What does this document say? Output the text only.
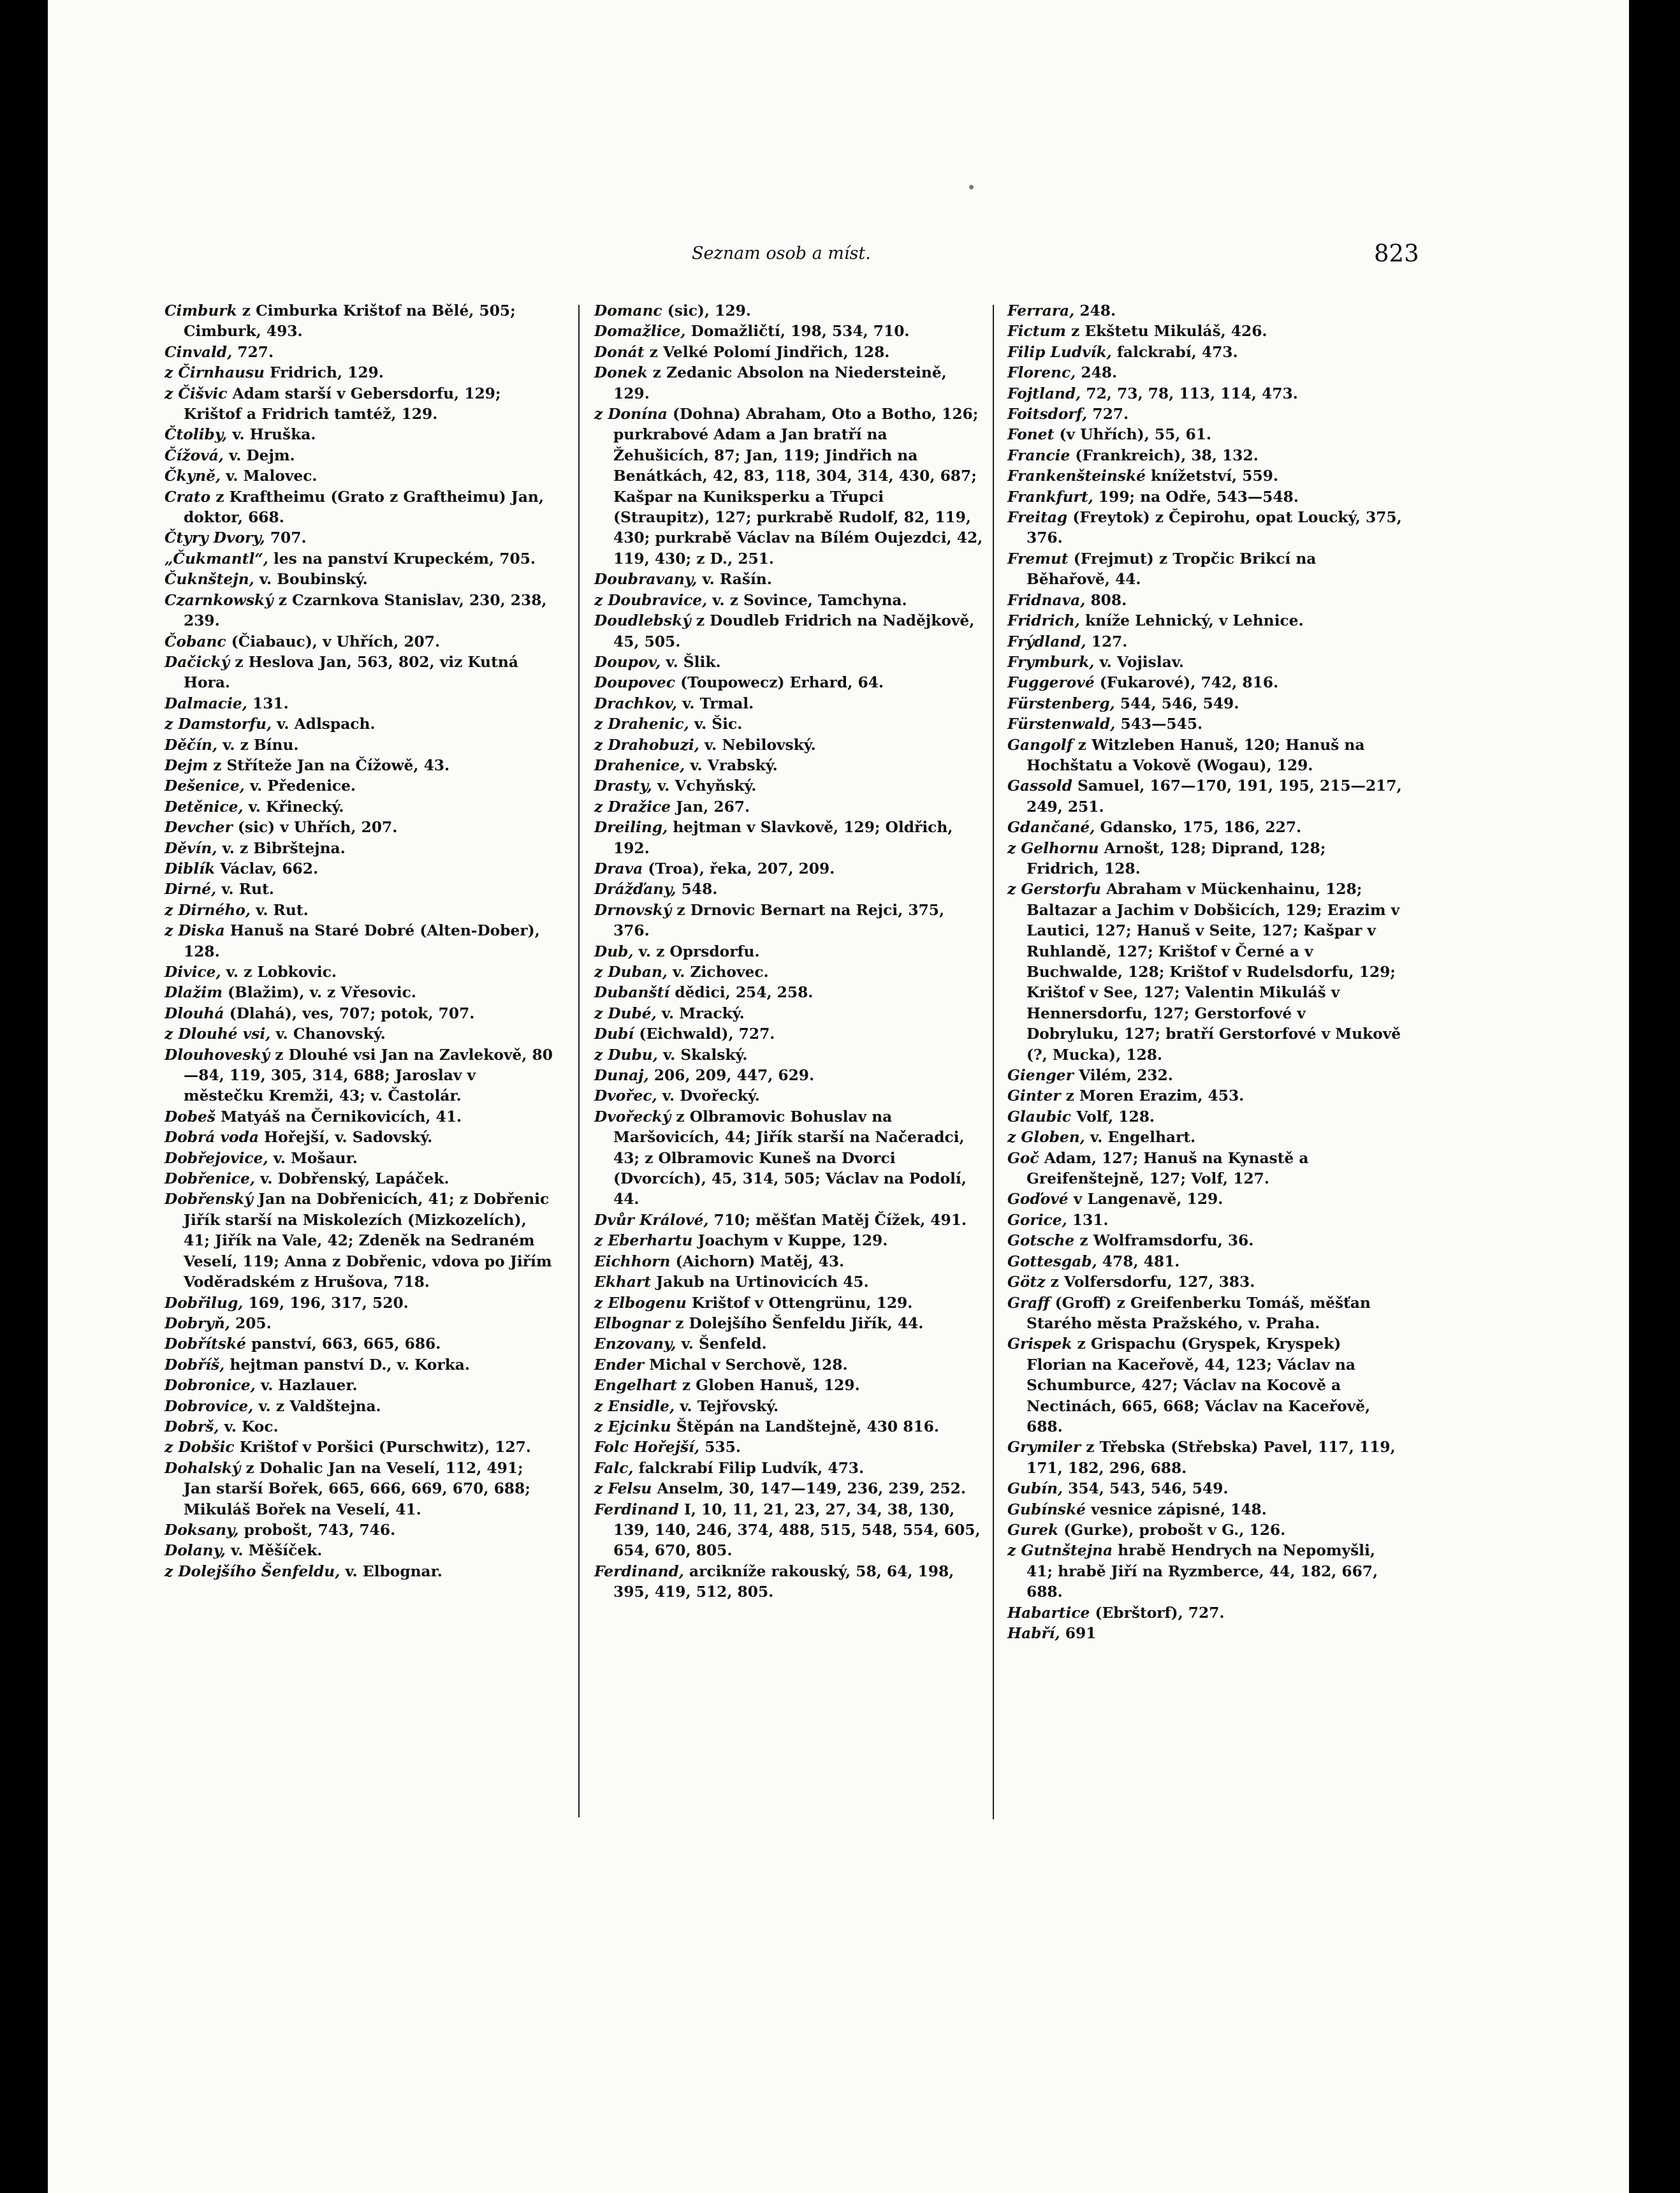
Seznam osob a míst.	823

Cimburk z Cimburka Krištof na Bělé, 505; Cimburk, 493.

Cinvald, 727.

z Čirnhausu Fridrich, 129.

z Čišvic Adam starší v Gebersdorfu, 129; Krištof a Fridrich tamtéž, 129.

Čtoliby, v. Hruška.

Čížová, v. Dejm.

Čkyně, v. Malovec.

Crato z Kraftheimu (Grato z Graftheimu) Jan, doktor, 668.

Čtyry Dvory, 707.

„Čukmantl“, les na panství Krupeckém, 705.

Čuknštejn, v. Boubinský.

Czarnkowský z Czarnkova Stanislav, 230, 238, 239.

Čobanc (Čiabauc), v Uhřích, 207.

Dačický z Heslova Jan, 563, 802, viz Kutná Hora.

Dalmacie, 131.

z Damstorfu, v. Adlspach.

Děčín, v. z Bínu.

Dejm z Stříteže Jan na Čížowě, 43.

Dešenice, v. Předenice.

Detěnice, v. Křinecký.

Devcher (sic) v Uhřích, 207.

Děvín, v. z Bibrštejna.

Diblík Václav, 662.

Dirné, v. Rut.

z Dirného, v. Rut.

z Diska Hanuš na Staré Dobré (Alten-Dober), 128.

Divice, v. z Lobkovic.

Dlažim (Blažim), v. z Vřesovic.

Dlouhá (Dlahá), ves, 707; potok, 707.

z Dlouhé vsi, v. Chanovský.

Dlouhoveský z Dlouhé vsi Jan na Zavlekově, 80—84, 119, 305, 314, 688; Jaroslav v městečku Kremži, 43; v. Častolár.

Dobeš Matyáš na Černikovicích, 41.

Dobrá voda Hořejší, v. Sadovský.

Dobřejovice, v. Mošaur.

Dobřenice, v. Dobřenský, Lapáček.

Dobřenský Jan na Dobřenicích, 41; z Dobřenic Jiřík starší na Miskolezích (Mizkozelích), 41; Jiřík na Vale, 42; Zdeněk na Sedraném Veselí, 119; Anna z Dobřenic, vdova po Jiřím Voděradském z Hrušova, 718.

Dobřilug, 169, 196, 317, 520.

Dobryň, 205.

Dobřítské panství, 663, 665, 686.

Dobříš, hejtman panství D., v. Korka.

Dobronice, v. Hazlauer.

Dobrovice, v. z Valdštejna.

Dobrš, v. Koc.

z Dobšic Krištof v Poršici (Purschwitz), 127.

Dohalský z Dohalic Jan na Veselí, 112, 491; Jan starší Bořek, 665, 666, 669, 670, 688; Mikuláš Bořek na Veselí, 41.

Doksany, probošt, 743, 746.

Dolany, v. Měšíček.

z Dolejšího Šenfeldu, v. Elbognar.

Domanc (sic), 129.

Domažlice, Domažličtí, 198, 534, 710.

Donát z Velké Polomí Jindřich, 128.

Donek z Zedanic Absolon na Niedersteině, 129.

z Donína (Dohna) Abraham, Oto a Botho, 126; purkrabové Adam a Jan bratří na Žehušicích, 87; Jan, 119; Jindřich na Benátkách, 42, 83, 118, 304, 314, 430, 687; Kašpar na Kuniksperku a Třupci (Straupitz), 127; purkrabě Rudolf, 82, 119, 430; purkrabě Václav na Bílém Oujezdci, 42, 119, 430; z D., 251.

Doubravany, v. Rašín.

z Doubravice, v. z Sovince, Tamchyna.

Doudlebský z Doudleb Fridrich na Nadějkově, 45, 505.

Doupov, v. Šlik.

Doupovec (Toupowecz) Erhard, 64.

Drachkov, v. Trmal.

z Drahenic, v. Šic.

z Drahobuzi, v. Nebilovský.

Drahenice, v. Vrabský.

Drasty, v. Vchyňský.

z Dražice Jan, 267.

Dreiling, hejtman v Slavkově, 129; Oldřich, 192.

Drava (Troa), řeka, 207, 209.

Drážďany, 548.

Drnovský z Drnovic Bernart na Rejci, 375, 376.

Dub, v. z Oprsdorfu.

z Duban, v. Zichovec.

Dubanští dědici, 254, 258.

z Dubé, v. Mracký.

Dubí (Eichwald), 727.

z Dubu, v. Skalský.

Dunaj, 206, 209, 447, 629.

Dvořec, v. Dvořecký.

Dvořecký z Olbramovic Bohuslav na Maršovicích, 44; Jiřík starší na Načeradci, 43; z Olbramovic Kuneš na Dvorci (Dvorcích), 45, 314, 505; Václav na Podolí, 44.

Dvůr Králové, 710; měšťan Matěj Čížek, 491.

z Eberhartu Joachym v Kuppe, 129.

Eichhorn (Aichorn) Matěj, 43.

Ekhart Jakub na Urtinovicích 45.

z Elbogenu Krištof v Ottengrünu, 129.

Elbognar z Dolejšího Šenfeldu Jiřík, 44.

Enzovany, v. Šenfeld.

Ender Michal v Serchově, 128.

Engelhart z Globen Hanuš, 129.

z Ensidle, v. Tejřovský.

z Ejcinku Štěpán na Landštejně, 430 816.

Folc Hořejší, 535.

Falc, falckrabí Filip Ludvík, 473.

z Felsu Anselm, 30, 147—149, 236, 239, 252.

Ferdinand I, 10, 11, 21, 23, 27, 34, 38, 130, 139, 140, 246, 374, 488, 515, 548, 554, 605, 654, 670, 805.

Ferdinand, arcikníže rakouský, 58, 64, 198, 395, 419, 512, 805.

Ferrara, 248.

Fictum z Ekštetu Mikuláš, 426.

Filip Ludvík, falckrabí, 473.

Florenc, 248.

Fojtland, 72, 73, 78, 113, 114, 473.

Foitsdorf, 727.

Fonet (v Uhřích), 55, 61.

Francie (Frankreich), 38, 132.

Frankenšteinské knížetství, 559.

Frankfurt, 199; na Odře, 543—548.

Freitag (Freytok) z Čepirohu, opat Loucký, 375, 376.

Fremut (Frejmut) z Tropčic Brikcí na Běhařově, 44.

Fridnava, 808.

Fridrich, kníže Lehnický, v Lehnice.

Frýdland, 127.

Frymburk, v. Vojislav.

Fuggerové (Fukarové), 742, 816.

Fürstenberg, 544, 546, 549.

Fürstenwald, 543—545.

Gangolf z Witzleben Hanuš, 120; Hanuš na Hochštatu a Vokově (Wogau), 129.

Gassold Samuel, 167—170, 191, 195, 215—217, 249, 251.

Gdančané, Gdansko, 175, 186, 227.

z Gelhornu Arnošt, 128; Diprand, 128; Fridrich, 128.

z Gerstorfu Abraham v Mückenhainu, 128; Baltazar a Jachim v Dobšicích, 129; Erazim v Lautici, 127; Hanuš v Seite, 127; Kašpar v Ruhlandě, 127; Krištof v Černé a v Buchwalde, 128; Krištof v Rudelsdorfu, 129; Krištof v See, 127; Valentin Mikuláš v Hennersdorfu, 127; Gerstorfové v Dobryluku, 127; bratří Gerstorfové v Mukově (?, Mucka), 128.

Gienger Vilém, 232.

Ginter z Moren Erazim, 453.

Glaubic Volf, 128.

z Globen, v. Engelhart.

Goč Adam, 127; Hanuš na Kynastě a Greifenštejně, 127; Volf, 127.

Goďové v Langenavě, 129.

Gorice, 131.

Gotsche z Wolframsdorfu, 36.

Gottesgab, 478, 481.

Götz z Volfersdorfu, 127, 383.

Graff (Groff) z Greifenberku Tomáš, měšťan Starého města Pražského, v. Praha.

Grispek z Grispachu (Gryspek, Kryspek) Florian na Kaceřově, 44, 123; Václav na Schumburce, 427; Václav na Kocově a Nectinách, 665, 668; Václav na Kaceřově, 688.

Grymiler z Třebska (Střebska) Pavel, 117, 119, 171, 182, 296, 688.

Gubín, 354, 543, 546, 549.

Gubínské vesnice zápisné, 148.

Gurek (Gurke), probošt v G., 126.

z Gutnštejna hrabě Hendrych na Nepomyšli, 41; hrabě Jiří na Ryzmberce, 44, 182, 667, 688.

Habartice (Ebrštorf), 727.

Habří, 691
